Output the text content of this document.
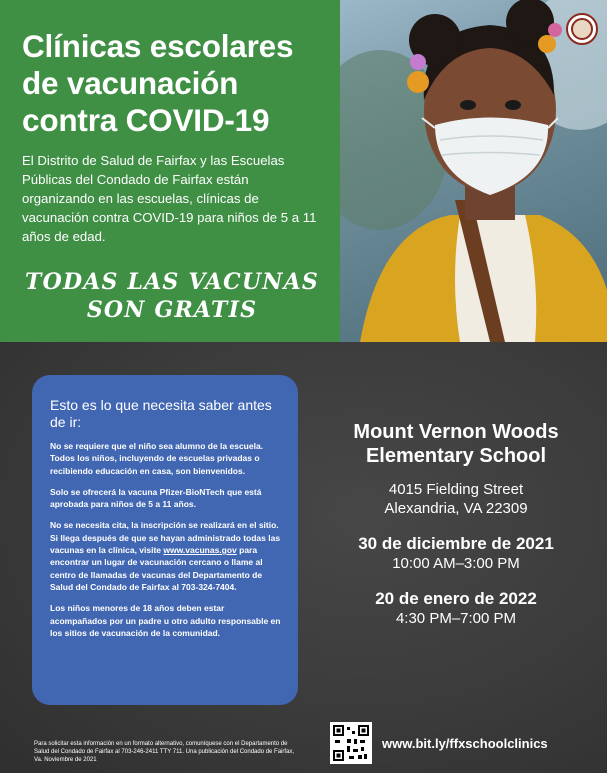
Clínicas escolares de vacunación contra COVID-19

El Distrito de Salud de Fairfax y las Escuelas Públicas del Condado de Fairfax están organizando en las escuelas, clínicas de vacunación contra COVID-19 para niños de 5 a 11 años de edad.

TODAS LAS VACUNAS
SON GRATIS
Esto es lo que necesita saber antes de ir:

No se requiere que el niño sea alumno de la escuela. Todos los niños, incluyendo de escuelas privadas o recibiendo educación en casa, son bienvenidos.

Solo se ofrecerá la vacuna Pfizer-BioNTech que está aprobada para niños de 5 a 11 años.

No se necesita cita, la inscripción se realizará en el sitio. Si llega después de que se hayan administrado todas las vacunas en la clínica, visite www.vacunas.gov para encontrar un lugar de vacunación cercano o llame al centro de llamadas de vacunas del Departamento de Salud del Condado de Fairfax al 703-324-7404.

Los niños menores de 18 años deben estar acompañados por un padre u otro adulto responsable en los sitios de vacunación de la comunidad.

Mount Vernon Woods Elementary School
4015 Fielding Street
Alexandria, VA 22309
30 de diciembre de 2021
10:00 AM–3:00 PM
20 de enero de 2022
4:30 PM–7:00 PM
Para solicitar esta información en un formato alternativo, comuníquese con el Departamento de Salud del Condado de Fairfax al 703-246-2411 TTY 711. Una publicación del Condado de Fairfax, Va. Noviembre de 2021
www.bit.ly/ffxschoolclinics
